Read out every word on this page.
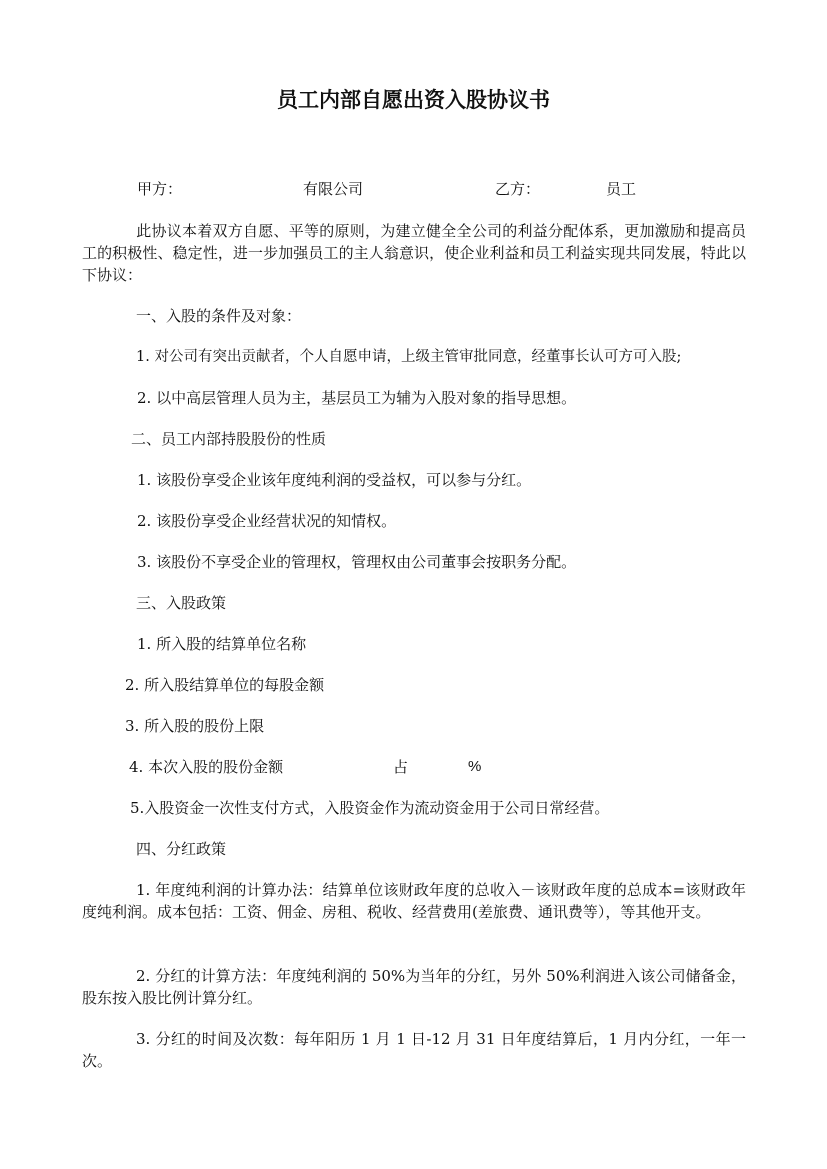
员工内部自愿出资入股协议书
甲方：	有限公司	乙方：	员工
此协议本着双方自愿、平等的原则，为建立健全全公司的利益分配体系，更加激励和提高员工的积极性、稳定性，进一步加强员工的主人翁意识，使企业利益和员工利益实现共同发展，特此以下协议：
一、入股的条件及对象：
1. 对公司有突出贡献者，个人自愿申请，上级主管审批同意，经董事长认可方可入股;
2. 以中高层管理人员为主，基层员工为辅为入股对象的指导思想。
二、员工内部持股股份的性质
1. 该股份享受企业该年度纯利润的受益权，可以参与分红。
2. 该股份享受企业经营状况的知情权。
3. 该股份不享受企业的管理权，管理权由公司董事会按职务分配。
三、入股政策
1. 所入股的结算单位名称
2. 所入股结算单位的每股金额
3. 所入股的股份上限
4. 本次入股的股份金额	占	%
5.入股资金一次性支付方式，入股资金作为流动资金用于公司日常经营。
四、分红政策
1. 年度纯利润的计算办法：结算单位该财政年度的总收入－该财政年度的总成本=该财政年度纯利润。成本包括：工资、佣金、房租、税收、经营费用(差旅费、通讯费等），等其他开支。
2. 分红的计算方法：年度纯利润的 50%为当年的分红，另外 50%利润进入该公司储备金，股东按入股比例计算分红。
3. 分红的时间及次数：每年阳历 1 月 1 日-12 月 31 日年度结算后，1 月内分红，一年一次。
